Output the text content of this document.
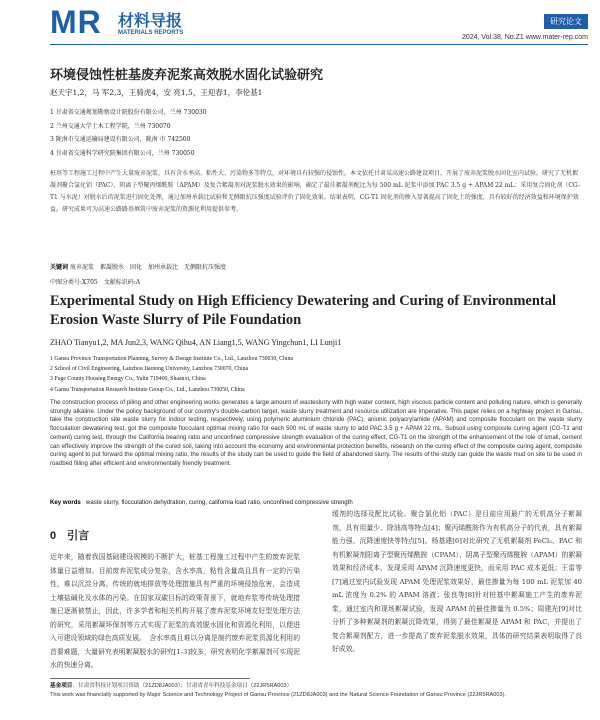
MR 材料导报
MATERIALS REPORTS
研究论文
2024, Vol.38, No.Z1 www.mater-rep.com
环境侵蚀性桩基废弃泥浆高效脱水固化试验研究
赵天宇1,2，马 军2,3，王骑虎4，安 亮1,5，王迎春1，李伦基1
1 甘肃省交通规划勘察设计院股份有限公司，兰州 730030
2 兰州交通大学土木工程学院，兰州 730070
3 陇南市交通运输局建设有限公司，陇南 市 742500
4 甘肃省交通科学研究院集团有限公司，兰州 730050
桩基等工程施工过程中产生大量废弃泥浆，具有含水率高、粘性大、污染物多等特点，对环境具有较强的侵蚀性。本文依托甘肃某高速公路建设项目，开展了废弃泥浆脱水固化室内试验，研究了无机絮凝剂聚合氯化铝（PAC）、阴离子型聚丙烯酰胺（APAM）及复合絮凝剂对泥浆脱水效果的影响，确定了最佳絮凝剂配比为每 500 mL 泥浆中添加 PAC 3.5 g + APAM 22 mL；采用复合固化剂（CG-T1 与水泥）对脱水后的泥浆进行固化处理，通过加州承载比试验和无侧限抗压强度试验评价了固化效果。结果表明，CG-T1 固化剂的掺入显著提高了固化土的强度，具有较好的经济效益和环境保护效益，研究成果可为高速公路路基填筑中废弃泥浆的资源化利用提供参考。
关键词 废弃泥浆　絮凝脱水　固化　加州承载比　无侧限抗压强度
中图分类号:X705　文献标识码:A
Experimental Study on High Efficiency Dewatering and Curing of Environmental Erosion Waste Slurry of Pile Foundation
ZHAO Tianyu1,2, MA Jun2,3, WANG Qihu4, AN Liang1,5, WANG Yingchun1, LI Lunji1
1 Gansu Province Transportation Planning, Survey & Design Institute Co., Ltd., Lanzhou 730030, China
2 School of Civil Engineering, Lanzhou Jiaotong University, Lanzhou 730070, China
3 Fuge County Housing Energy Co., Yulin 719400, Shaanxi, China
4 Gansu Transportation Research Institute Group Co., Ltd., Lanzhou 730050, China
The construction process of piling and other engineering works generates a large amount of wasteslurry with high water content, high viscous particle content and polluting nature, which is generally strongly alkaline. Under the policy background of our country's double-carbon target, waste slurry treatment and resource utilization are imperative. This paper relies on a highway project in Gansu, take the construction site waste slurry for indoor testing, respectively, using polymeric aluminium chloride (PAC), anionic polyacrylamide (APAM) and composite flocculant on the waste slurry flocculation dewatering test, got the composite flocculant optimal mixing ratio for each 500 mL of waste slurry to add PAC 3.5 g + APAM 22 mL. Subsoil using composite curing agent (CG-T1 and cement) curing test, through the California bearing ratio and unconfined compressive strength evaluation of the curing effect, CG-T1 on the strength of the enhancement of the role of small, cement can effectively improve the strength of the cured soil, taking into account the economy and environmental protection benefits, research on the curing effect of the composite curing agent, composite curing agent to put forward the optimal mixing ratio, the results of the study can be used to guide the field of abandoned slurry. The results of the study can guide the waste mud on site to be used in roadbed filling after efficient and environmentally friendly treatment.
Key words waste slurry, flocculation dehydration, curing, california load ratio, unconfined compressive strength
0　引言
近年来，随着我国基础建设规模的不断扩大，桩基工程施工过程中产生的废弃泥浆体量日益增加。目前废弃泥浆成分复杂，含水率高，粘性含量高且具有一定的污染性，难以沉淀分离。传统的就地排放等处理措施具有严重的环境侵蚀危害，会造成土壤盐碱化及水体的污染。在国家双碳目标的政策背景下，就地弃浆等传统处理措施已逐渐被禁止，因此，许多学者和相关机构开展了废弃泥浆环境友好型处理方法的研究，采用絮凝环保剂等方式实现了泥浆的高效脱水固化和资源化利用，以便进入可建设领域的绿色高质发展。　含水率高且难以分离是制约废弃泥浆资源化利用的首要难题，大量研究表明絮凝脱水的研究[1-3]较多，研究表明化学絮凝剂可实现泥水的快速分离。
缓剂的选择及配比试验。聚合氯化铝（PAC）是目前应用最广的无机高分子絮凝剂，具有用量少、除油高等特点[4]；聚丙烯酰胺作为有机高分子的代表，具有絮凝能力强、沉降速度快等特点[5]。杨基建[6]对比研究了无机絮凝剂 FeCl₃、PAC 和有机絮凝剂阳离子型聚丙烯酰胺（CPAM）、阴离子型聚丙烯酰胺（APAM）的絮凝效果和经济成本，发现采用 APAM 沉降速度更快，而采用 PAC 成本更低；王雷等[7]通过室内试验发现 APAM 处理泥浆效果好，最佳掺量为每 100 mL 泥浆加 40 mL 浓度为 0.2% 的 APAM 溶液；张良等[8]针对桩基中絮凝施工产生的废弃泥浆，通过室内和现场絮凝试验，发现 APAM 的最佳掺量为 0.5%；周建光[9]对比分析了多种絮凝剂的絮凝沉降效果，得到了最佳絮凝是 APAM 和 PAC，并提出了复合絮凝剂配方，进一步提高了废弃泥浆脱水效果，具体的研究结果表明取得了良好成效。
基金项目：甘肃省科技计划项目资助（21ZD8JA003）；甘肃省青年科技基金项目（22JR5RA003）
This work was financially supported by Major Science and Technology Project of Gansu Province (21ZD8JA003) and the Natural Science Foundation of Gansu Province (22JR5RA003).
